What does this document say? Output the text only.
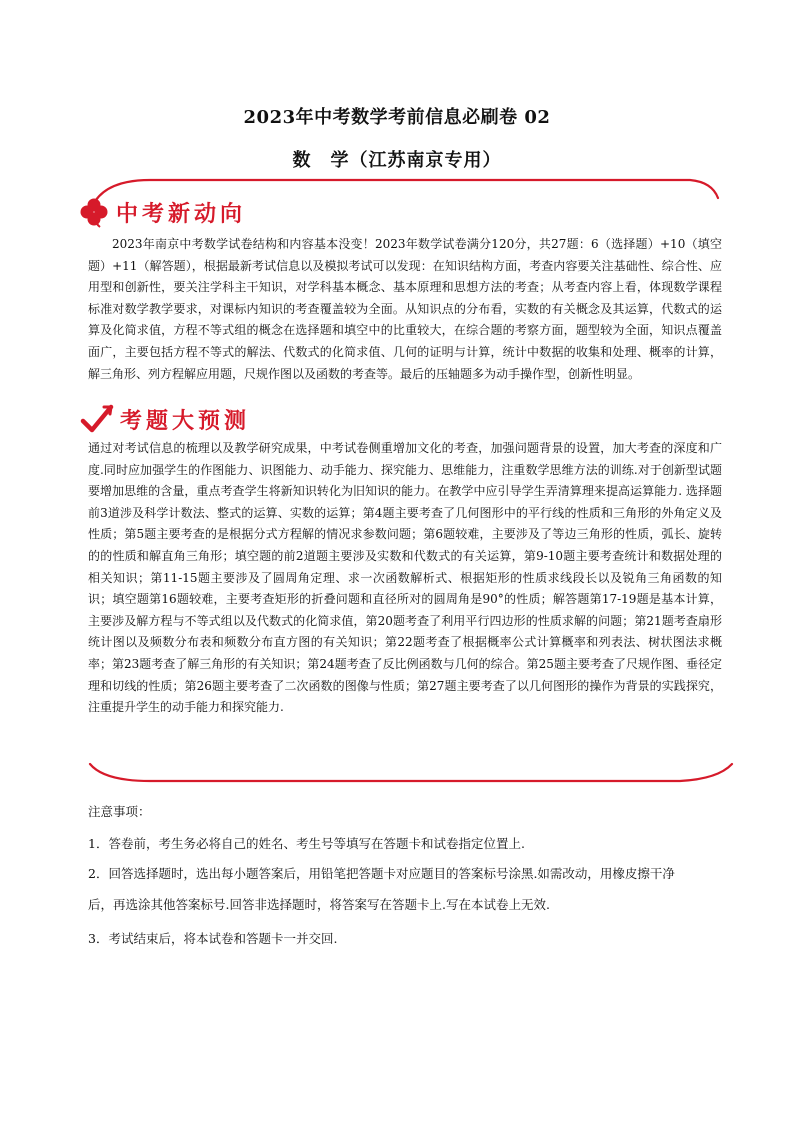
2023年中考数学考前信息必刷卷 02
数　学（江苏南京专用）
中考新动向
2023年南京中考数学试卷结构和内容基本没变！2023年数学试卷满分120分，共27题：6（选择题）+10（填空题）+11（解答题），根据最新考试信息以及模拟考试可以发现：在知识结构方面，考查内容要关注基础性、综合性、应用型和创新性，要关注学科主干知识，对学科基本概念、基本原理和思想方法的考查；从考查内容上看，体现数学课程标准对数学教学要求，对课标内知识的考查覆盖较为全面。从知识点的分布看，实数的有关概念及其运算，代数式的运算及化简求值，方程不等式组的概念在选择题和填空中的比重较大，在综合题的考察方面，题型较为全面，知识点覆盖面广，主要包括方程不等式的解法、代数式的化简求值、几何的证明与计算，统计中数据的收集和处理、概率的计算，解三角形、列方程解应用题，尺规作图以及函数的考查等。最后的压轴题多为动手操作型，创新性明显。
考题大预测
通过对考试信息的梳理以及教学研究成果，中考试卷侧重增加文化的考查，加强问题背景的设置，加大考查的深度和广度.同时应加强学生的作图能力、识图能力、动手能力、探究能力、思维能力，注重数学思维方法的训练.对于创新型试题要增加思维的含量，重点考查学生将新知识转化为旧知识的能力。在教学中应引导学生弄清算理来提高运算能力. 选择题前3道涉及科学计数法、整式的运算、实数的运算；第4题主要考查了几何图形中的平行线的性质和三角形的外角定义及性质；第5题主要考查的是根据分式方程解的情况求参数问题；第6题较难，主要涉及了等边三角形的性质，弧长、旋转的的性质和解直角三角形；填空题的前2道题主要涉及实数和代数式的有关运算，第9-10题主要考查统计和数据处理的相关知识；第11-15题主要涉及了圆周角定理、求一次函数解析式、根据矩形的性质求线段长以及锐角三角函数的知识；填空题第16题较难，主要考查矩形的折叠问题和直径所对的圆周角是90°的性质；解答题第17-19题是基本计算，主要涉及解方程与不等式组以及代数式的化简求值，第20题考查了利用平行四边形的性质求解的问题；第21题考查扇形统计图以及频数分布表和频数分布直方图的有关知识；第22题考查了根据概率公式计算概率和列表法、树状图法求概率；第23题考查了解三角形的有关知识；第24题考查了反比例函数与几何的综合。第25题主要考查了尺规作图、垂径定理和切线的性质；第26题主要考查了二次函数的图像与性质；第27题主要考查了以几何图形的操作为背景的实践探究，注重提升学生的动手能力和探究能力.
注意事项：
1．答卷前，考生务必将自己的姓名、考生号等填写在答题卡和试卷指定位置上.
2．回答选择题时，选出每小题答案后，用铅笔把答题卡对应题目的答案标号涂黑.如需改动，用橡皮擦干净
后，再选涂其他答案标号.回答非选择题时，将答案写在答题卡上.写在本试卷上无效.
3．考试结束后，将本试卷和答题卡一并交回.
